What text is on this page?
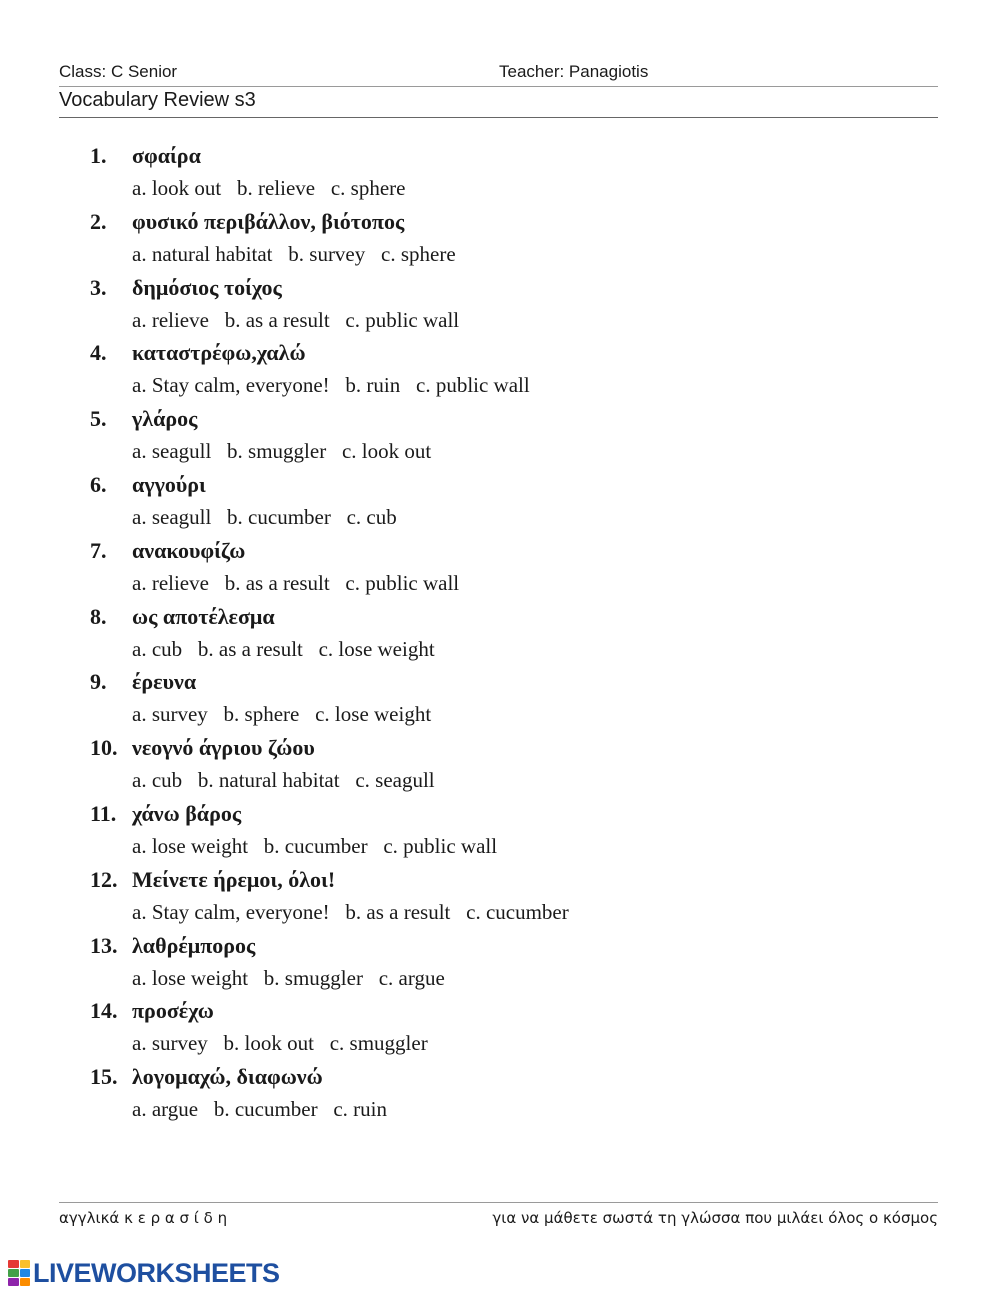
Class: C Senior	Teacher: Panagiotis
Vocabulary Review s3
1. σφαίρα
a. look out   b. relieve   c. sphere
2. φυσικό περιβάλλον, βιότοπος
a. natural habitat   b. survey   c. sphere
3. δημόσιος τοίχος
a. relieve   b. as a result   c. public wall
4. καταστρέφω,χαλώ
a. Stay calm, everyone!   b. ruin   c. public wall
5. γλάρος
a. seagull   b. smuggler   c. look out
6. αγγούρι
a. seagull   b. cucumber   c. cub
7. ανακουφίζω
a. relieve   b. as a result   c. public wall
8. ως αποτέλεσμα
a. cub   b. as a result   c. lose weight
9. έρευνα
a. survey   b. sphere   c. lose weight
10. νεογνό άγριου ζώου
a. cub   b. natural habitat   c. seagull
11. χάνω βάρος
a. lose weight   b. cucumber   c. public wall
12. Μείνετε ήρεμοι, όλοι!
a. Stay calm, everyone!   b. as a result   c. cucumber
13. λαθρέμπορος
a. lose weight   b. smuggler   c. argue
14. προσέχω
a. survey   b. look out   c. smuggler
15. λογομαχώ, διαφωνώ
a. argue   b. cucumber   c. ruin
αγγλικά κ ε ρ α σ ί δ η	για να μάθετε σωστά τη γλώσσα που μιλάει όλος ο κόσμος
LIVEWORKSHEETS
